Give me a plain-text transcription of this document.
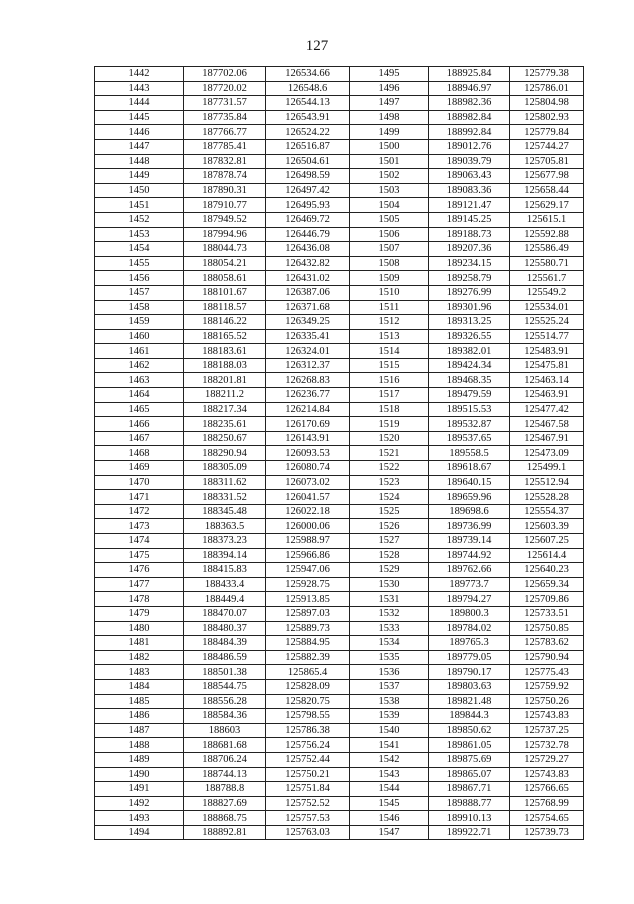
127
1442	187702.06	126534.66	1495	188925.84	125779.38
1443	187720.02	126548.6	1496	188946.97	125786.01
1444	187731.57	126544.13	1497	188982.36	125804.98
1445	187735.84	126543.91	1498	188982.84	125802.93
1446	187766.77	126524.22	1499	188992.84	125779.84
1447	187785.41	126516.87	1500	189012.76	125744.27
1448	187832.81	126504.61	1501	189039.79	125705.81
1449	187878.74	126498.59	1502	189063.43	125677.98
1450	187890.31	126497.42	1503	189083.36	125658.44
1451	187910.77	126495.93	1504	189121.47	125629.17
1452	187949.52	126469.72	1505	189145.25	125615.1
1453	187994.96	126446.79	1506	189188.73	125592.88
1454	188044.73	126436.08	1507	189207.36	125586.49
1455	188054.21	126432.82	1508	189234.15	125580.71
1456	188058.61	126431.02	1509	189258.79	125561.7
1457	188101.67	126387.06	1510	189276.99	125549.2
1458	188118.57	126371.68	1511	189301.96	125534.01
1459	188146.22	126349.25	1512	189313.25	125525.24
1460	188165.52	126335.41	1513	189326.55	125514.77
1461	188183.61	126324.01	1514	189382.01	125483.91
1462	188188.03	126312.37	1515	189424.34	125475.81
1463	188201.81	126268.83	1516	189468.35	125463.14
1464	188211.2	126236.77	1517	189479.59	125463.91
1465	188217.34	126214.84	1518	189515.53	125477.42
1466	188235.61	126170.69	1519	189532.87	125467.58
1467	188250.67	126143.91	1520	189537.65	125467.91
1468	188290.94	126093.53	1521	189558.5	125473.09
1469	188305.09	126080.74	1522	189618.67	125499.1
1470	188311.62	126073.02	1523	189640.15	125512.94
1471	188331.52	126041.57	1524	189659.96	125528.28
1472	188345.48	126022.18	1525	189698.6	125554.37
1473	188363.5	126000.06	1526	189736.99	125603.39
1474	188373.23	125988.97	1527	189739.14	125607.25
1475	188394.14	125966.86	1528	189744.92	125614.4
1476	188415.83	125947.06	1529	189762.66	125640.23
1477	188433.4	125928.75	1530	189773.7	125659.34
1478	188449.4	125913.85	1531	189794.27	125709.86
1479	188470.07	125897.03	1532	189800.3	125733.51
1480	188480.37	125889.73	1533	189784.02	125750.85
1481	188484.39	125884.95	1534	189765.3	125783.62
1482	188486.59	125882.39	1535	189779.05	125790.94
1483	188501.38	125865.4	1536	189790.17	125775.43
1484	188544.75	125828.09	1537	189803.63	125759.92
1485	188556.28	125820.75	1538	189821.48	125750.26
1486	188584.36	125798.55	1539	189844.3	125743.83
1487	188603	125786.38	1540	189850.62	125737.25
1488	188681.68	125756.24	1541	189861.05	125732.78
1489	188706.24	125752.44	1542	189875.69	125729.27
1490	188744.13	125750.21	1543	189865.07	125743.83
1491	188788.8	125751.84	1544	189867.71	125766.65
1492	188827.69	125752.52	1545	189888.77	125768.99
1493	188868.75	125757.53	1546	189910.13	125754.65
1494	188892.81	125763.03	1547	189922.71	125739.73
